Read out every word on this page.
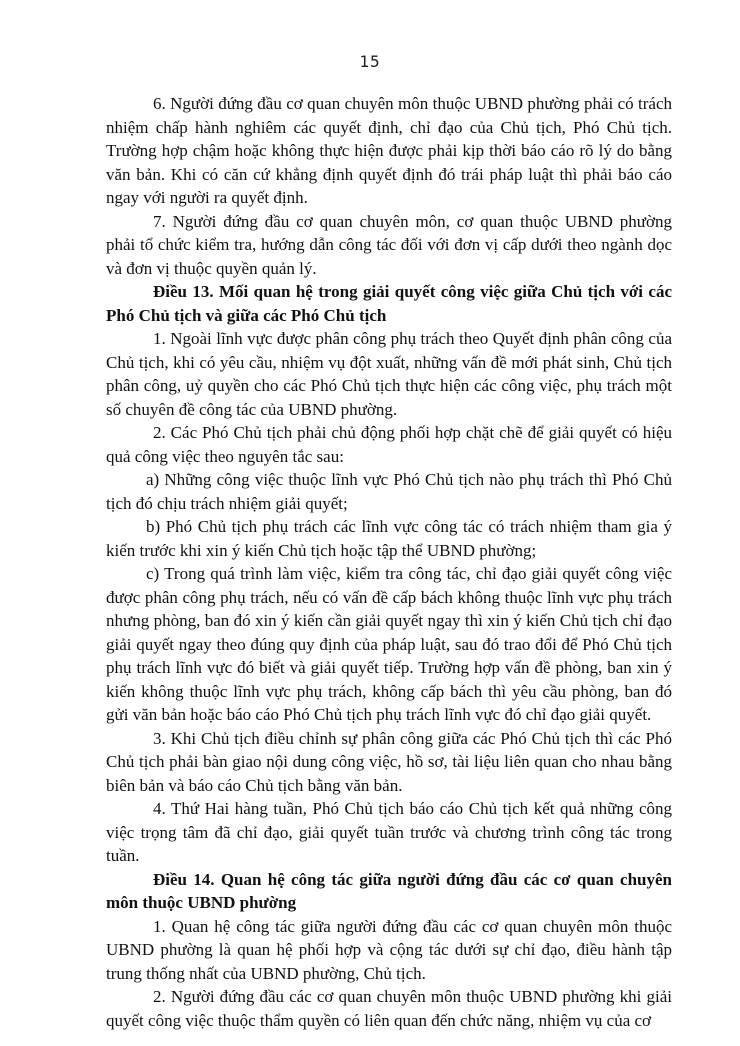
15

6. Người đứng đầu cơ quan chuyên môn thuộc UBND phường phải có trách nhiệm chấp hành nghiêm các quyết định, chỉ đạo của Chủ tịch, Phó Chủ tịch. Trường hợp chậm hoặc không thực hiện được phải kịp thời báo cáo rõ lý do bằng văn bản. Khi có căn cứ khẳng định quyết định đó trái pháp luật thì phải báo cáo ngay với người ra quyết định.

7. Người đứng đầu cơ quan chuyên môn, cơ quan thuộc UBND phường phải tổ chức kiểm tra, hướng dẫn công tác đối với đơn vị cấp dưới theo ngành dọc và đơn vị thuộc quyền quản lý.

Điều 13. Mối quan hệ trong giải quyết công việc giữa Chủ tịch với các Phó Chủ tịch và giữa các Phó Chủ tịch

1. Ngoài lĩnh vực được phân công phụ trách theo Quyết định phân công của Chủ tịch, khi có yêu cầu, nhiệm vụ đột xuất, những vấn đề mới phát sinh, Chủ tịch phân công, uỷ quyền cho các Phó Chủ tịch thực hiện các công việc, phụ trách một số chuyên đề công tác của UBND phường.

2. Các Phó Chủ tịch phải chủ động phối hợp chặt chẽ để giải quyết có hiệu quả công việc theo nguyên tắc sau:

a) Những công việc thuộc lĩnh vực Phó Chủ tịch nào phụ trách thì Phó Chủ tịch đó chịu trách nhiệm giải quyết;

b) Phó Chủ tịch phụ trách các lĩnh vực công tác có trách nhiệm tham gia ý kiến trước khi xin ý kiến Chủ tịch hoặc tập thể UBND phường;

c) Trong quá trình làm việc, kiểm tra công tác, chỉ đạo giải quyết công việc được phân công phụ trách, nếu có vấn đề cấp bách không thuộc lĩnh vực phụ trách nhưng phòng, ban đó xin ý kiến cần giải quyết ngay thì xin ý kiến Chủ tịch chỉ đạo giải quyết ngay theo đúng quy định của pháp luật, sau đó trao đổi để Phó Chủ tịch phụ trách lĩnh vực đó biết và giải quyết tiếp. Trường hợp vấn đề phòng, ban xin ý kiến không thuộc lĩnh vực phụ trách, không cấp bách thì yêu cầu phòng, ban đó gửi văn bản hoặc báo cáo Phó Chủ tịch phụ trách lĩnh vực đó chỉ đạo giải quyết.

3. Khi Chủ tịch điều chỉnh sự phân công giữa các Phó Chủ tịch thì các Phó Chủ tịch phải bàn giao nội dung công việc, hồ sơ, tài liệu liên quan cho nhau bằng biên bản và báo cáo Chủ tịch bằng văn bản.

4. Thứ Hai hàng tuần, Phó Chủ tịch báo cáo Chủ tịch kết quả những công việc trọng tâm đã chỉ đạo, giải quyết tuần trước và chương trình công tác trong tuần.

Điều 14. Quan hệ công tác giữa người đứng đầu các cơ quan chuyên môn thuộc UBND phường

1. Quan hệ công tác giữa người đứng đầu các cơ quan chuyên môn thuộc UBND phường là quan hệ phối hợp và cộng tác dưới sự chỉ đạo, điều hành tập trung thống nhất của UBND phường, Chủ tịch.

2. Người đứng đầu các cơ quan chuyên môn thuộc UBND phường khi giải quyết công việc thuộc thẩm quyền có liên quan đến chức năng, nhiệm vụ của cơ
